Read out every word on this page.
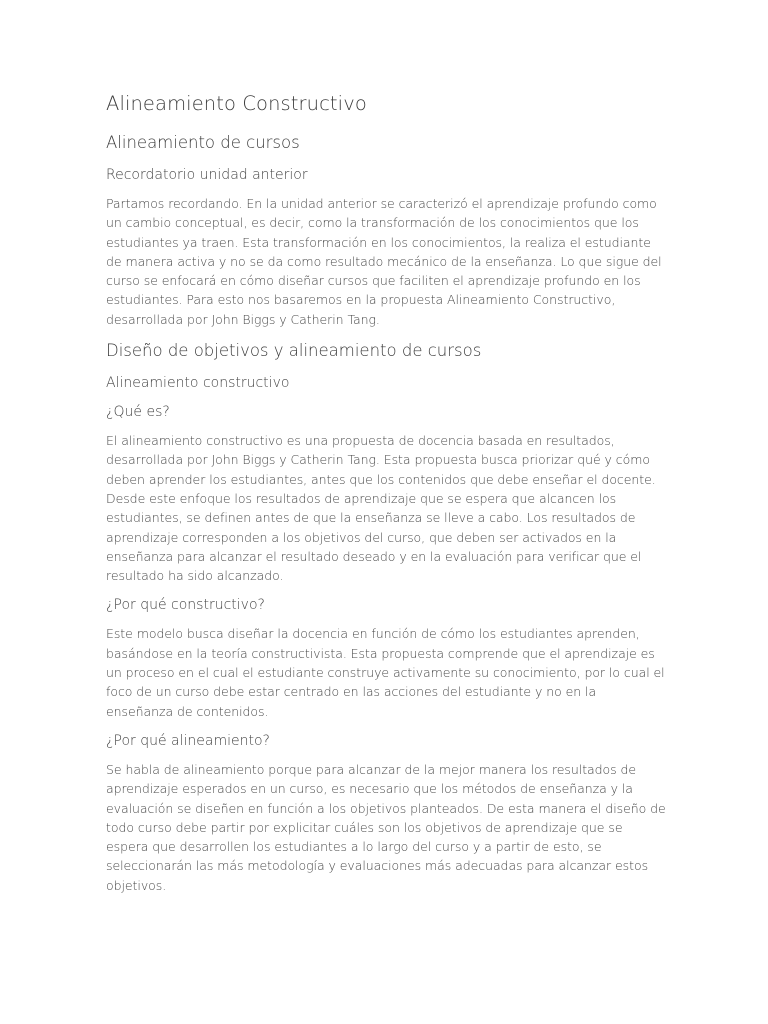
Alineamiento Constructivo
Alineamiento de cursos
Recordatorio unidad anterior

Partamos recordando. En la unidad anterior se caracterizó el aprendizaje profundo como un cambio conceptual, es decir, como la transformación de los conocimientos que los estudiantes ya traen. Esta transformación en los conocimientos, la realiza el estudiante de manera activa y no se da como resultado mecánico de la enseñanza. Lo que sigue del curso se enfocará en cómo diseñar cursos que faciliten el aprendizaje profundo en los estudiantes. Para esto nos basaremos en la propuesta Alineamiento Constructivo, desarrollada por John Biggs y Catherin Tang.

Diseño de objetivos y alineamiento de cursos
Alineamiento constructivo
¿Qué es?

El alineamiento constructivo es una propuesta de docencia basada en resultados, desarrollada por John Biggs y Catherin Tang. Esta propuesta busca priorizar qué y cómo deben aprender los estudiantes, antes que los contenidos que debe enseñar el docente. Desde este enfoque los resultados de aprendizaje que se espera que alcancen los estudiantes, se definen antes de que la enseñanza se lleve a cabo. Los resultados de aprendizaje corresponden a los objetivos del curso, que deben ser activados en la enseñanza para alcanzar el resultado deseado y en la evaluación para verificar que el resultado ha sido alcanzado.

¿Por qué constructivo?

Este modelo busca diseñar la docencia en función de cómo los estudiantes aprenden, basándose en la teoría constructivista. Esta propuesta comprende que el aprendizaje es un proceso en el cual el estudiante construye activamente su conocimiento, por lo cual el foco de un curso debe estar centrado en las acciones del estudiante y no en la enseñanza de contenidos.

¿Por qué alineamiento?

Se habla de alineamiento porque para alcanzar de la mejor manera los resultados de aprendizaje esperados en un curso, es necesario que los métodos de enseñanza y la evaluación se diseñen en función a los objetivos planteados. De esta manera el diseño de todo curso debe partir por explicitar cuáles son los objetivos de aprendizaje que se espera que desarrollen los estudiantes a lo largo del curso y a partir de esto, se seleccionarán las más metodología y evaluaciones más adecuadas para alcanzar estos objetivos.
